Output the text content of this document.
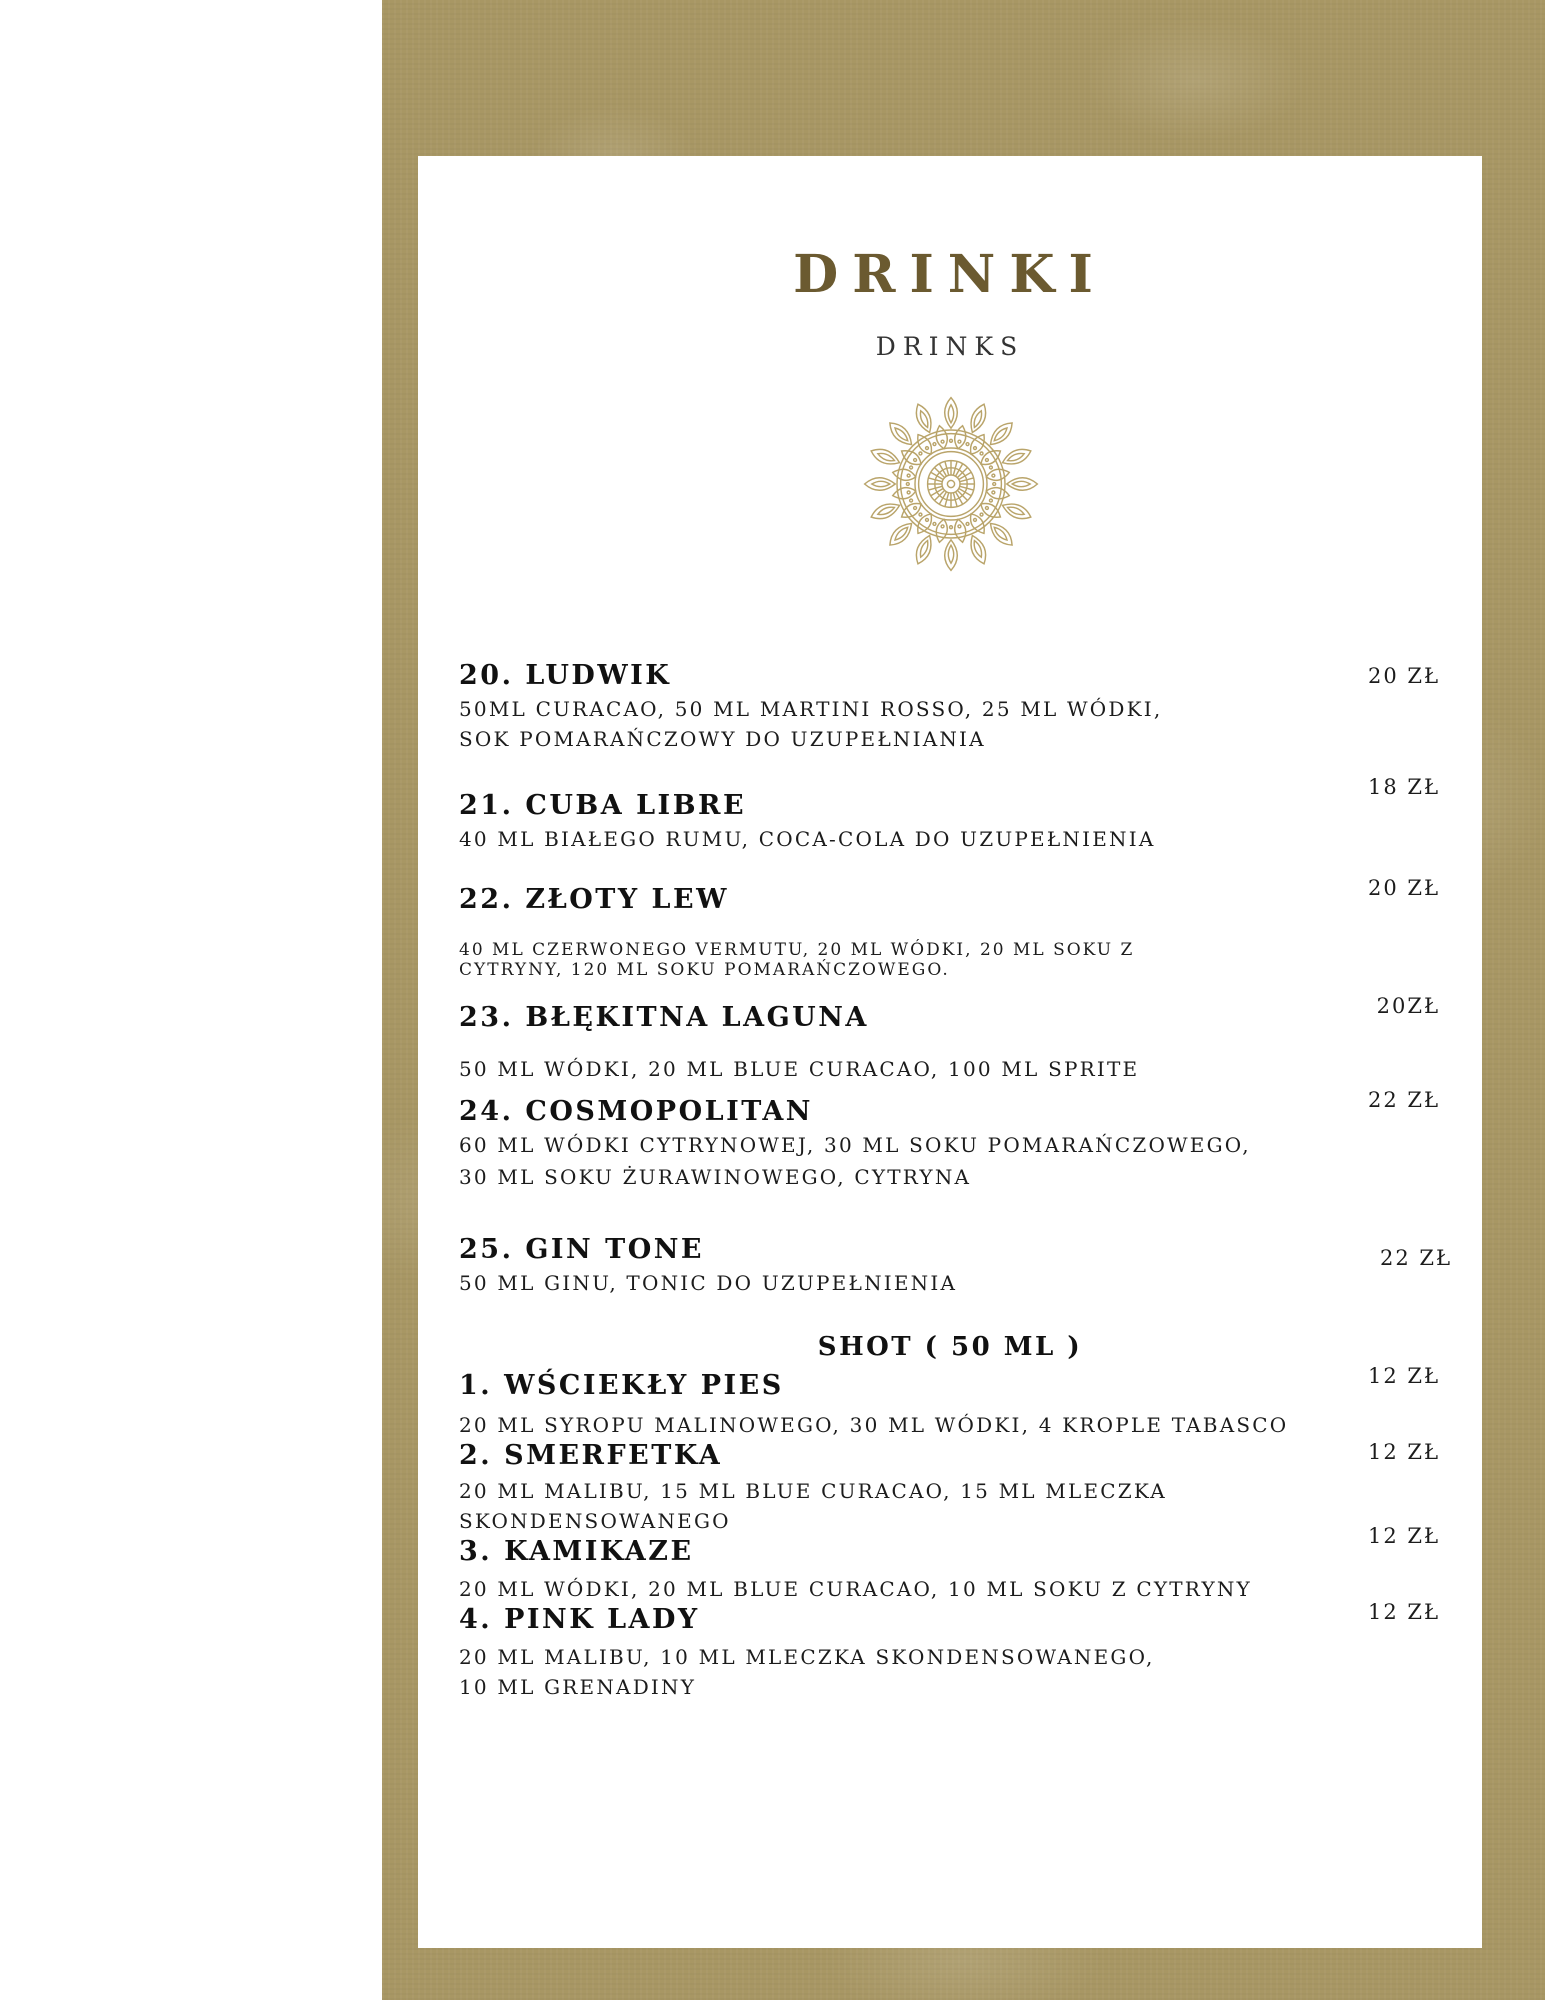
DRINKI
DRINKS
20. LUDWIK
50ML CURACAO, 50 ML MARTINI ROSSO, 25 ML WÓDKI,
SOK POMARAŃCZOWY DO UZUPEŁNIANIA
20 ZŁ
21. CUBA LIBRE
40 ML BIAŁEGO RUMU, COCA-COLA DO UZUPEŁNIENIA
18 ZŁ
22. ZŁOTY LEW
40 ML CZERWONEGO VERMUTU, 20 ML WÓDKI, 20 ML SOKU Z
CYTRYNY, 120 ML SOKU POMARAŃCZOWEGO.
20 ZŁ
23. BŁĘKITNA LAGUNA
50 ML WÓDKI, 20 ML BLUE CURACAO, 100 ML SPRITE
20ZŁ
24. COSMOPOLITAN
60 ML WÓDKI CYTRYNOWEJ, 30 ML SOKU POMARAŃCZOWEGO,
30 ML SOKU ŻURAWINOWEGO, CYTRYNA
22 ZŁ
25. GIN TONE
50 ML GINU, TONIC DO UZUPEŁNIENIA
22 ZŁ
SHOT ( 50 ML )
1. WŚCIEKŁY PIES
20 ML SYROPU MALINOWEGO, 30 ML WÓDKI, 4 KROPLE TABASCO
12 ZŁ
2. SMERFETKA
20 ML MALIBU, 15 ML BLUE CURACAO, 15 ML MLECZKA
SKONDENSOWANEGO
12 ZŁ
3. KAMIKAZE
20 ML WÓDKI, 20 ML BLUE CURACAO, 10 ML SOKU Z CYTRYNY
12 ZŁ
4. PINK LADY
20 ML MALIBU, 10 ML MLECZKA SKONDENSOWANEGO,
10 ML GRENADINY
12 ZŁ
